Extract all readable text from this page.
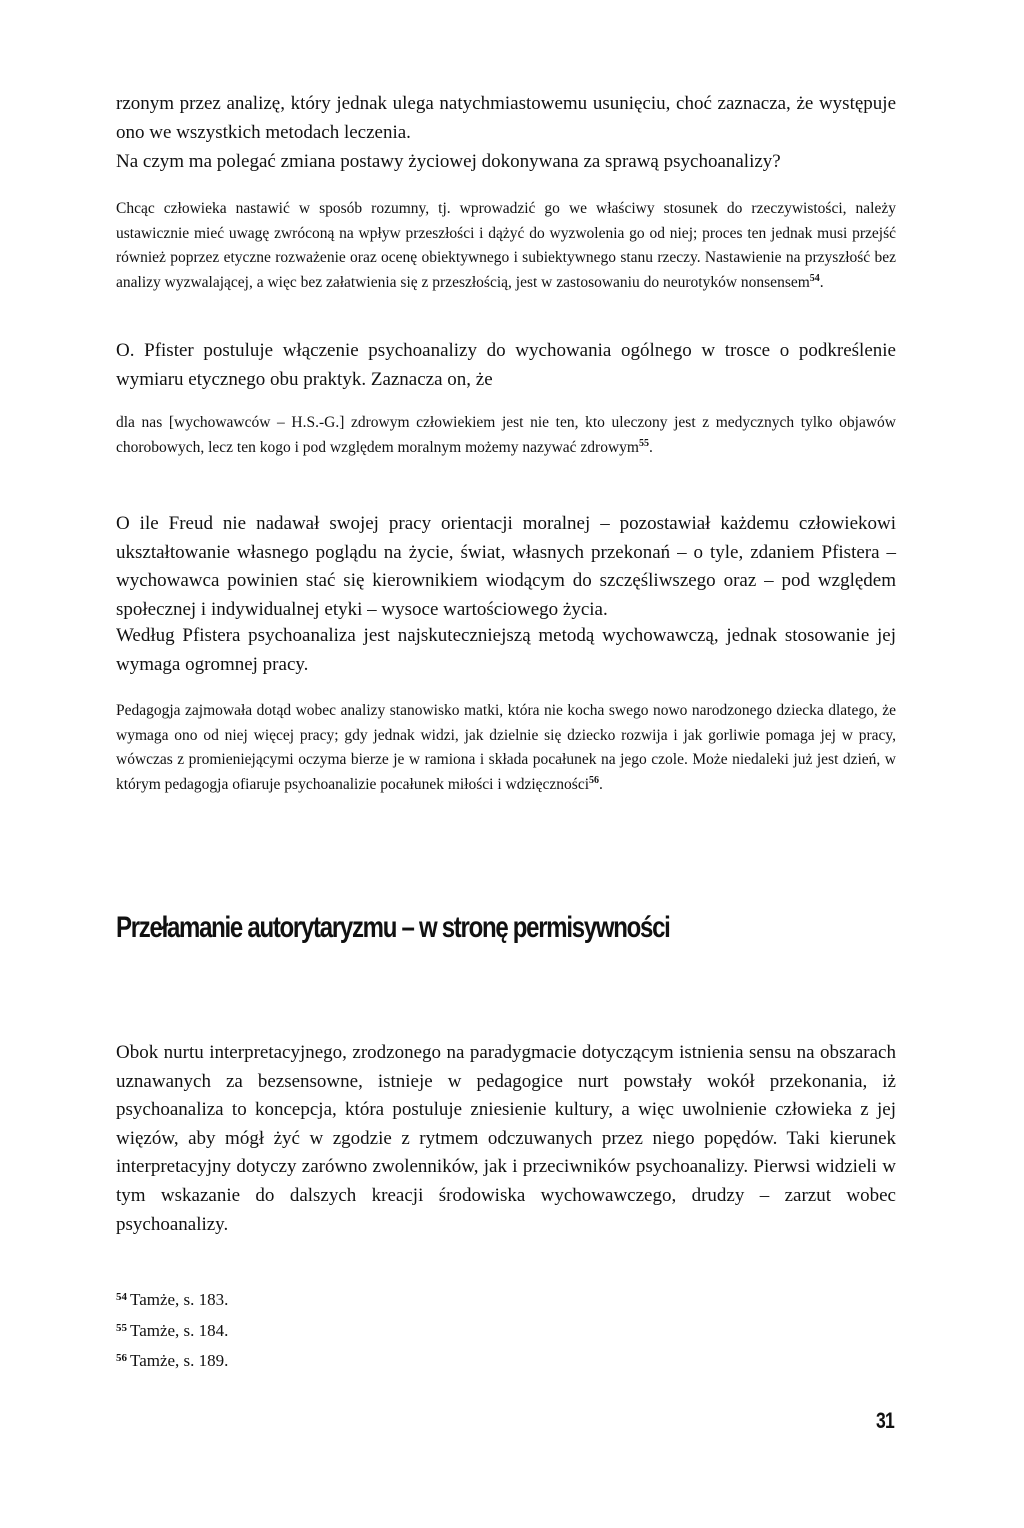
rzonym przez analizę, który jednak ulega natychmiastowemu usunięciu, choć zaznacza, że występuje ono we wszystkich metodach leczenia.

Na czym ma polegać zmiana postawy życiowej dokonywana za sprawą psychoanalizy?

Chcąc człowieka nastawić w sposób rozumny, tj. wprowadzić go we właściwy stosunek do rzeczywistości, należy ustawicznie mieć uwagę zwróconą na wpływ przeszłości i dążyć do wyzwolenia go od niej; proces ten jednak musi przejść również poprzez etyczne rozważenie oraz ocenę obiektywnego i subiektywnego stanu rzeczy. Nastawienie na przyszłość bez analizy wyzwalającej, a więc bez załatwienia się z przeszłością, jest w zastosowaniu do neurotyków nonsensem$^{54}$.

O. Pfister postuluje włączenie psychoanalizy do wychowania ogólnego w trosce o podkreślenie wymiaru etycznego obu praktyk. Zaznacza on, że

dla nas [wychowawców – H.S.-G.] zdrowym człowiekiem jest nie ten, kto uleczony jest z medycznych tylko objawów chorobowych, lecz ten kogo i pod względem moralnym możemy nazywać zdrowym$^{55}$.

O ile Freud nie nadawał swojej pracy orientacji moralnej – pozostawiał każdemu człowiekowi ukształtowanie własnego poglądu na życie, świat, własnych przekonań – o tyle, zdaniem Pfistera – wychowawca powinien stać się kierownikiem wiodącym do szczęśliwszego oraz – pod względem społecznej i indywidualnej etyki – wysoce wartościowego życia.

Według Pfistera psychoanaliza jest najskuteczniejszą metodą wychowawczą, jednak stosowanie jej wymaga ogromnej pracy.

Pedagogja zajmowała dotąd wobec analizy stanowisko matki, która nie kocha swego nowo narodzonego dziecka dlatego, że wymaga ono od niej więcej pracy; gdy jednak widzi, jak dzielnie się dziecko rozwija i jak gorliwie pomaga jej w pracy, wówczas z promieniejącymi oczyma bierze je w ramiona i składa pocałunek na jego czole. Może niedaleki już jest dzień, w którym pedagogja ofiaruje psychoanalizie pocałunek miłości i wdzięczności$^{56}$.

Przełamanie autorytaryzmu – w stronę permisywności

Obok nurtu interpretacyjnego, zrodzonego na paradygmacie dotyczącym istnienia sensu na obszarach uznawanych za bezsensowne, istnieje w pedagogice nurt powstały wokół przekonania, iż psychoanaliza to koncepcja, która postuluje zniesienie kultury, a więc uwolnienie człowieka z jej więzów, aby mógł żyć w zgodzie z rytmem odczuwanych przez niego popędów. Taki kierunek interpretacyjny dotyczy zarówno zwolenników, jak i przeciwników psychoanalizy. Pierwsi widzieli w tym wskazanie do dalszych kreacji środowiska wychowawczego, drudzy – zarzut wobec psychoanalizy.

$^{54}$ Tamże, s. 183.

$^{55}$ Tamże, s. 184.

$^{56}$ Tamże, s. 189.

31
